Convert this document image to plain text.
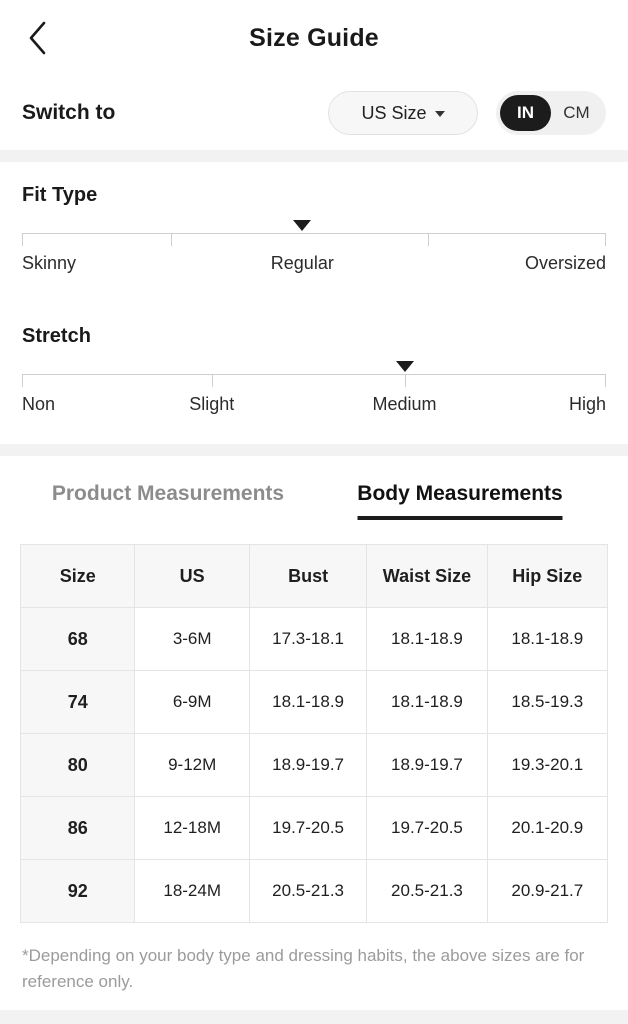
Size Guide
Switch to	US Size	IN	CM
Fit Type
Skinny	Regular	Oversized
Stretch
Non	Slight	Medium	High
Product Measurements	Body Measurements
Size	US	Bust	Waist Size	Hip Size
68	3-6M	17.3-18.1	18.1-18.9	18.1-18.9
74	6-9M	18.1-18.9	18.1-18.9	18.5-19.3
80	9-12M	18.9-19.7	18.9-19.7	19.3-20.1
86	12-18M	19.7-20.5	19.7-20.5	20.1-20.9
92	18-24M	20.5-21.3	20.5-21.3	20.9-21.7
*Depending on your body type and dressing habits, the above sizes are for reference only.
